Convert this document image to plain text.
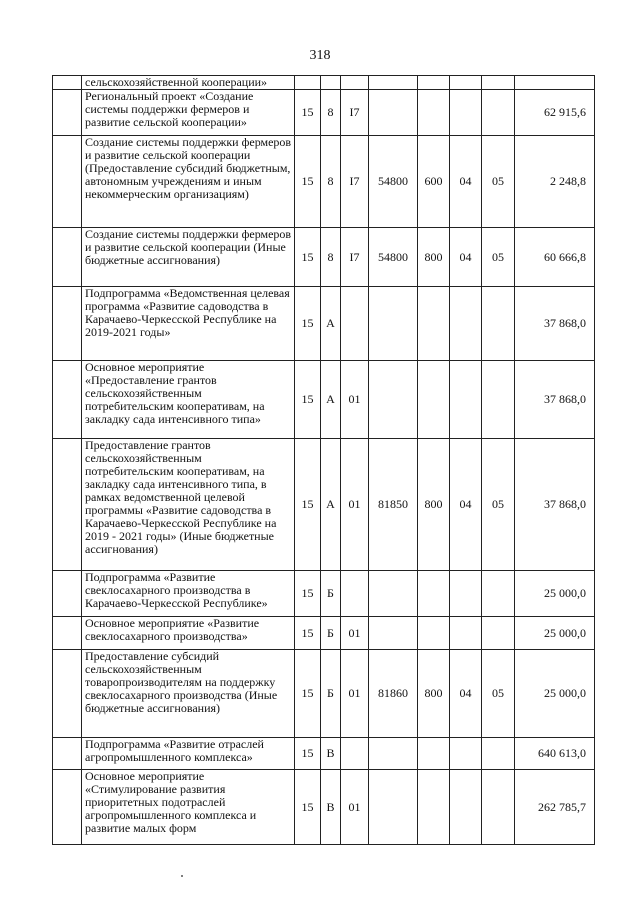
318
	сельскохозяйственной кооперации»								
	Региональный проект «Создание системы поддержки фермеров и развитие сельской кооперации»	15	8	I7					62 915,6
	Создание системы поддержки фермеров и развитие сельской кооперации (Предоставление субсидий бюджетным, автономным учреждениям и иным некоммерческим организациям)	15	8	I7	54800	600	04	05	2 248,8
	Создание системы поддержки фермеров и развитие сельской кооперации (Иные бюджетные ассигнования)	15	8	I7	54800	800	04	05	60 666,8
	Подпрограмма «Ведомственная целевая программа «Развитие садоводства в Карачаево-Черкесской Республике на 2019-2021 годы»	15	А						37 868,0
	Основное мероприятие «Предоставление грантов сельскохозяйственным потребительским кооперативам, на закладку сада интенсивного типа»	15	А	01					37 868,0
	Предоставление грантов сельскохозяйственным потребительским кооперативам, на закладку сада интенсивного типа, в рамках ведомственной целевой программы «Развитие садоводства в Карачаево-Черкесской Республике на 2019 - 2021 годы» (Иные бюджетные ассигнования)	15	А	01	81850	800	04	05	37 868,0
	Подпрограмма «Развитие свеклосахарного производства в Карачаево-Черкесской Республике»	15	Б						25 000,0
	Основное мероприятие «Развитие свеклосахарного производства»	15	Б	01					25 000,0
	Предоставление субсидий сельскохозяйственным товаропроизводителям на поддержку свеклосахарного производства (Иные бюджетные ассигнования)	15	Б	01	81860	800	04	05	25 000,0
	Подпрограмма «Развитие отраслей агропромышленного комплекса»	15	В						640 613,0
	Основное мероприятие «Стимулирование развития приоритетных подотраслей агропромышленного комплекса и развитие малых форм	15	В	01					262 785,7
